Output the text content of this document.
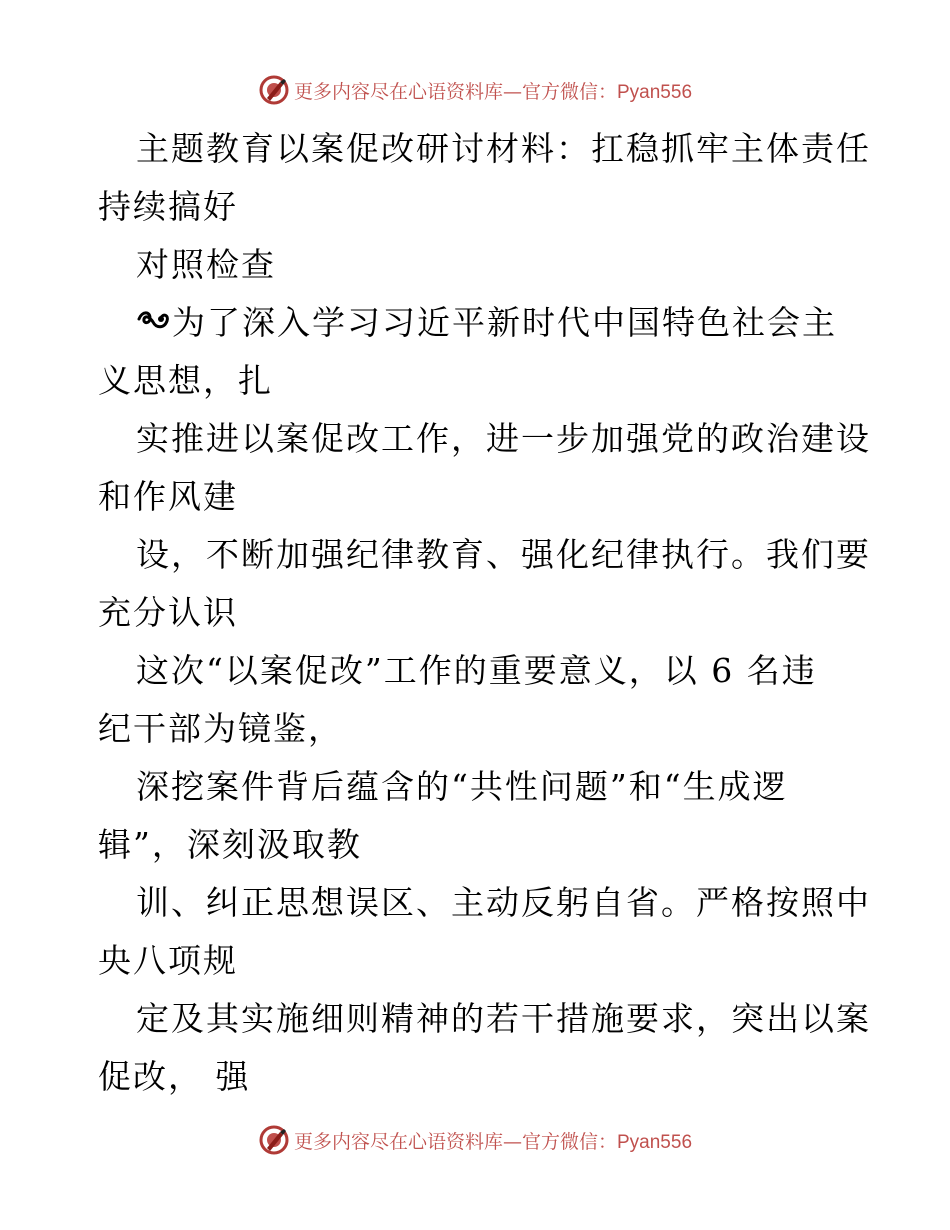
更多内容尽在心语资料库—官方微信：Pyan556
主题教育以案促改研讨材料：扛稳抓牢主体责任
持续搞好
对照检查
为了深入学习习近平新时代中国特色社会主
义思想，扎
实推进以案促改工作，进一步加强党的政治建设
和作风建
设，不断加强纪律教育、强化纪律执行。我们要
充分认识
这次“以案促改”工作的重要意义，以 6 名违
纪干部为镜鉴，
深挖案件背后蕴含的“共性问题”和“生成逻
辑”，深刻汲取教
训、纠正思想误区、主动反躬自省。严格按照中
央八项规
定及其实施细则精神的若干措施要求，突出以案
促改， 强
更多内容尽在心语资料库—官方微信：Pyan556
